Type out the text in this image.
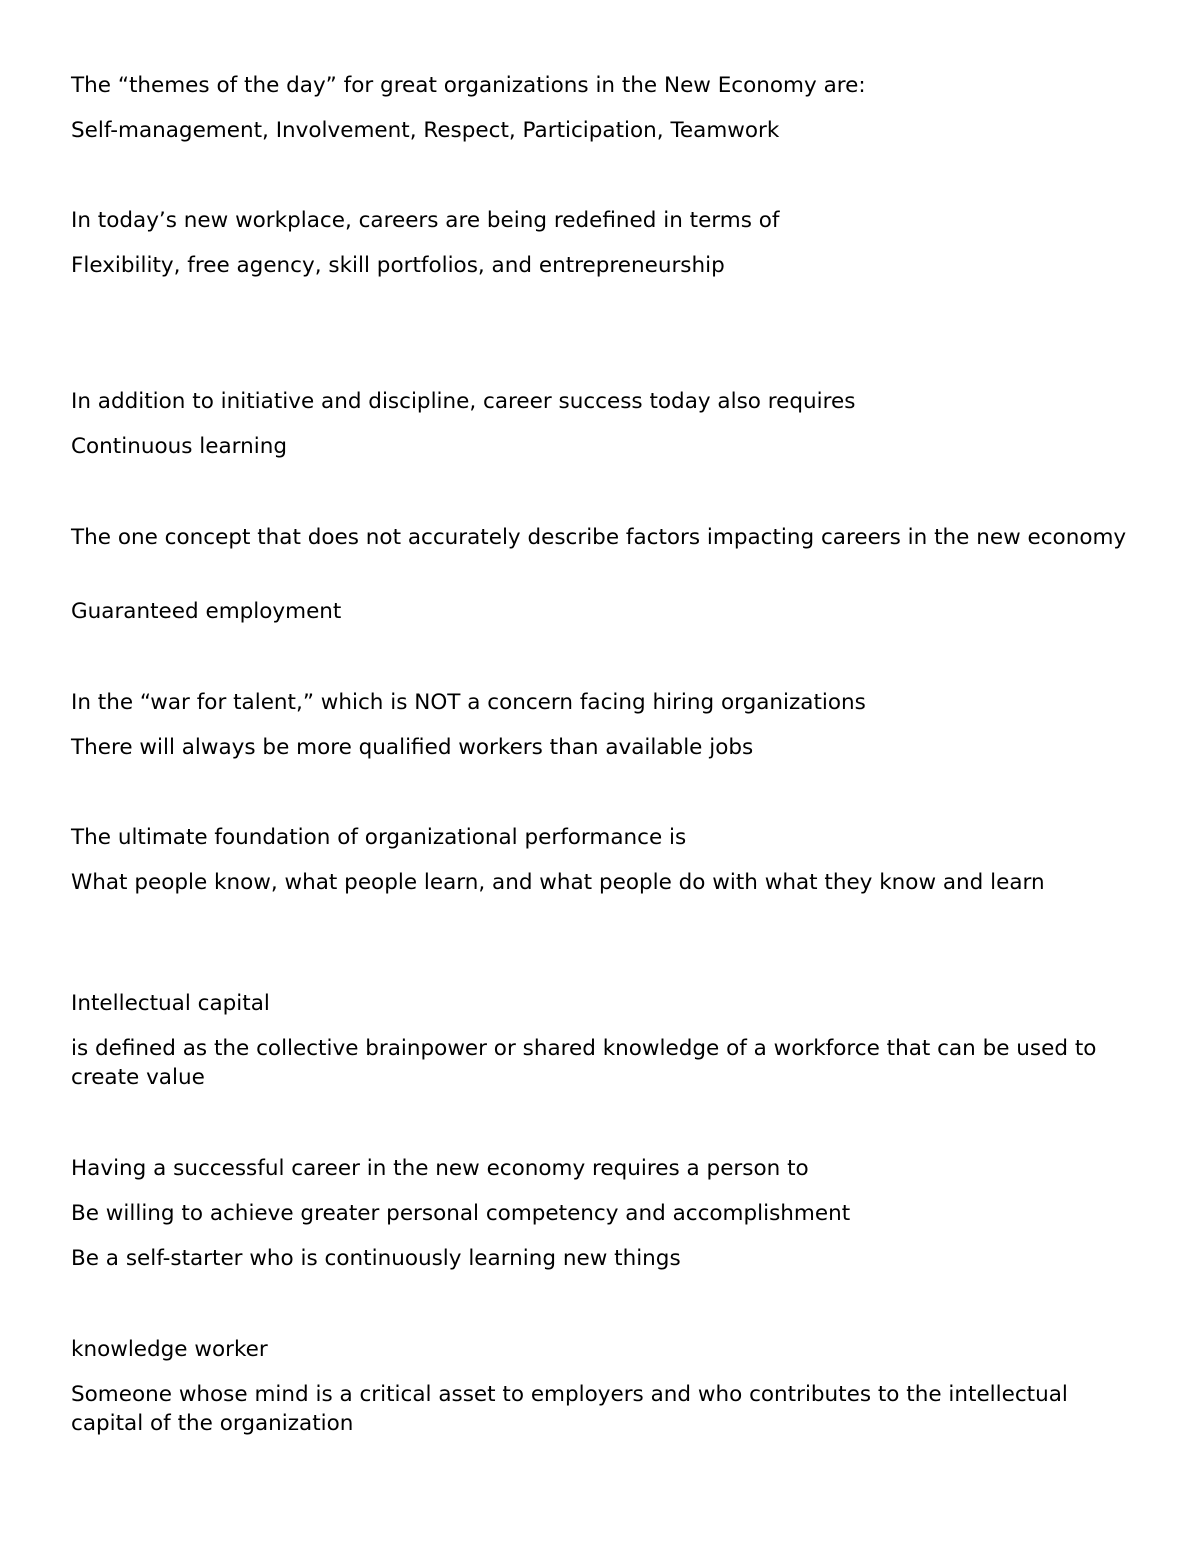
The “themes of the day” for great organizations in the New Economy are:

Self-management, Involvement, Respect, Participation, Teamwork

In today’s new workplace, careers are being redefined in terms of

Flexibility, free agency, skill portfolios, and entrepreneurship

In addition to initiative and discipline, career success today also requires

Continuous learning

The one concept that does not accurately describe factors impacting careers in the new economy

Guaranteed employment

In the “war for talent,” which is NOT a concern facing hiring organizations

There will always be more qualified workers than available jobs

The ultimate foundation of organizational performance is

What people know, what people learn, and what people do with what they know and learn

Intellectual capital

is defined as the collective brainpower or shared knowledge of a workforce that can be used to create value

Having a successful career in the new economy requires a person to

Be willing to achieve greater personal competency and accomplishment

Be a self-starter who is continuously learning new things

knowledge worker

Someone whose mind is a critical asset to employers and who contributes to the intellectual capital of the organization
